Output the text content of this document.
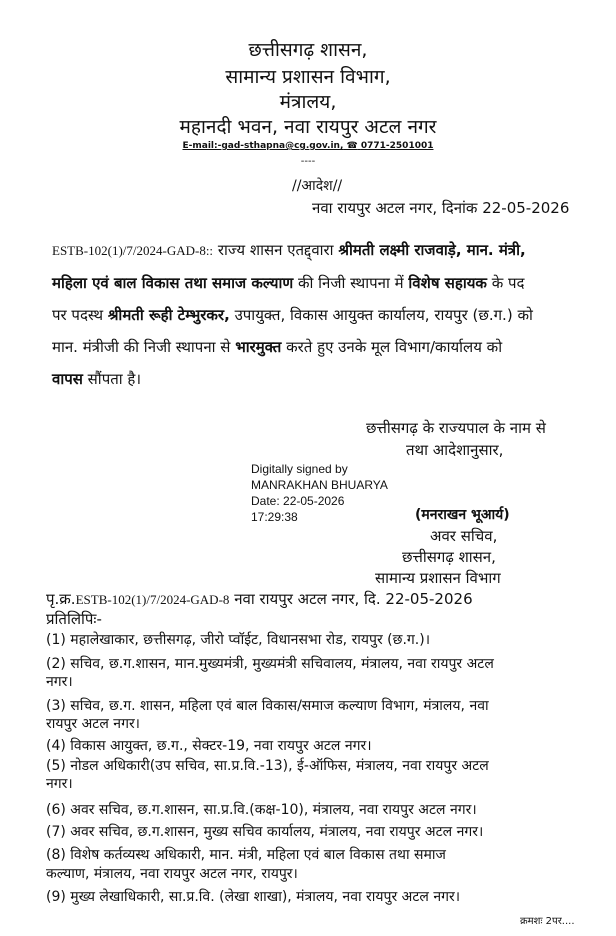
छत्तीसगढ़ शासन,
सामान्य प्रशासन विभाग,
मंत्रालय,
महानदी भवन, नवा रायपुर अटल नगर
E-mail:-gad-sthapna@cg.gov.in, ☎ 0771-2501001
----
//आदेश//
नवा रायपुर अटल नगर, दिनांक 22-05-2026
ESTB-102(1)/7/2024-GAD-8:: राज्य शासन एतद्द्वारा श्रीमती लक्ष्मी राजवाड़े, मान. मंत्री,
महिला एवं बाल विकास तथा समाज कल्याण की निजी स्थापना में विशेष सहायक के पद
पर पदस्थ श्रीमती रूही टेम्भुरकर, उपायुक्त, विकास आयुक्त कार्यालय, रायपुर (छ.ग.) को
मान. मंत्रीजी की निजी स्थापना से भारमुक्त करते हुए उनके मूल विभाग/कार्यालय को
वापस सौंपता है।
छत्तीसगढ़ के राज्यपाल के नाम से
तथा आदेशानुसार,
Digitally signed by
MANRAKHAN BHUARYA
Date: 22-05-2026
17:29:38	(मनराखन भूआर्य)
अवर सचिव,
छत्तीसगढ़ शासन,
सामान्य प्रशासन विभाग
पृ.क्र.ESTB-102(1)/7/2024-GAD-8 नवा रायपुर अटल नगर, दि. 22-05-2026
प्रतिलिपिः-
(1) महालेखाकार, छत्तीसगढ़, जीरो प्वॉईट, विधानसभा रोड, रायपुर (छ.ग.)।
(2) सचिव, छ.ग.शासन, मान.मुख्यमंत्री, मुख्यमंत्री सचिवालय, मंत्रालय, नवा रायपुर अटल
नगर।
(3) सचिव, छ.ग. शासन, महिला एवं बाल विकास/समाज कल्याण विभाग, मंत्रालय, नवा
रायपुर अटल नगर।
(4) विकास आयुक्त, छ.ग., सेक्टर-19, नवा रायपुर अटल नगर।
(5) नोडल अधिकारी(उप सचिव, सा.प्र.वि.-13), ई-ऑफिस, मंत्रालय, नवा रायपुर अटल
नगर।
(6) अवर सचिव, छ.ग.शासन, सा.प्र.वि.(कक्ष-10), मंत्रालय, नवा रायपुर अटल नगर।
(7) अवर सचिव, छ.ग.शासन, मुख्य सचिव कार्यालय, मंत्रालय, नवा रायपुर अटल नगर।
(8) विशेष कर्तव्यस्थ अधिकारी, मान. मंत्री, महिला एवं बाल विकास तथा समाज
कल्याण, मंत्रालय, नवा रायपुर अटल नगर, रायपुर।
(9) मुख्य लेखाधिकारी, सा.प्र.वि. (लेखा शाखा), मंत्रालय, नवा रायपुर अटल नगर।
क्रमशः 2पर....
